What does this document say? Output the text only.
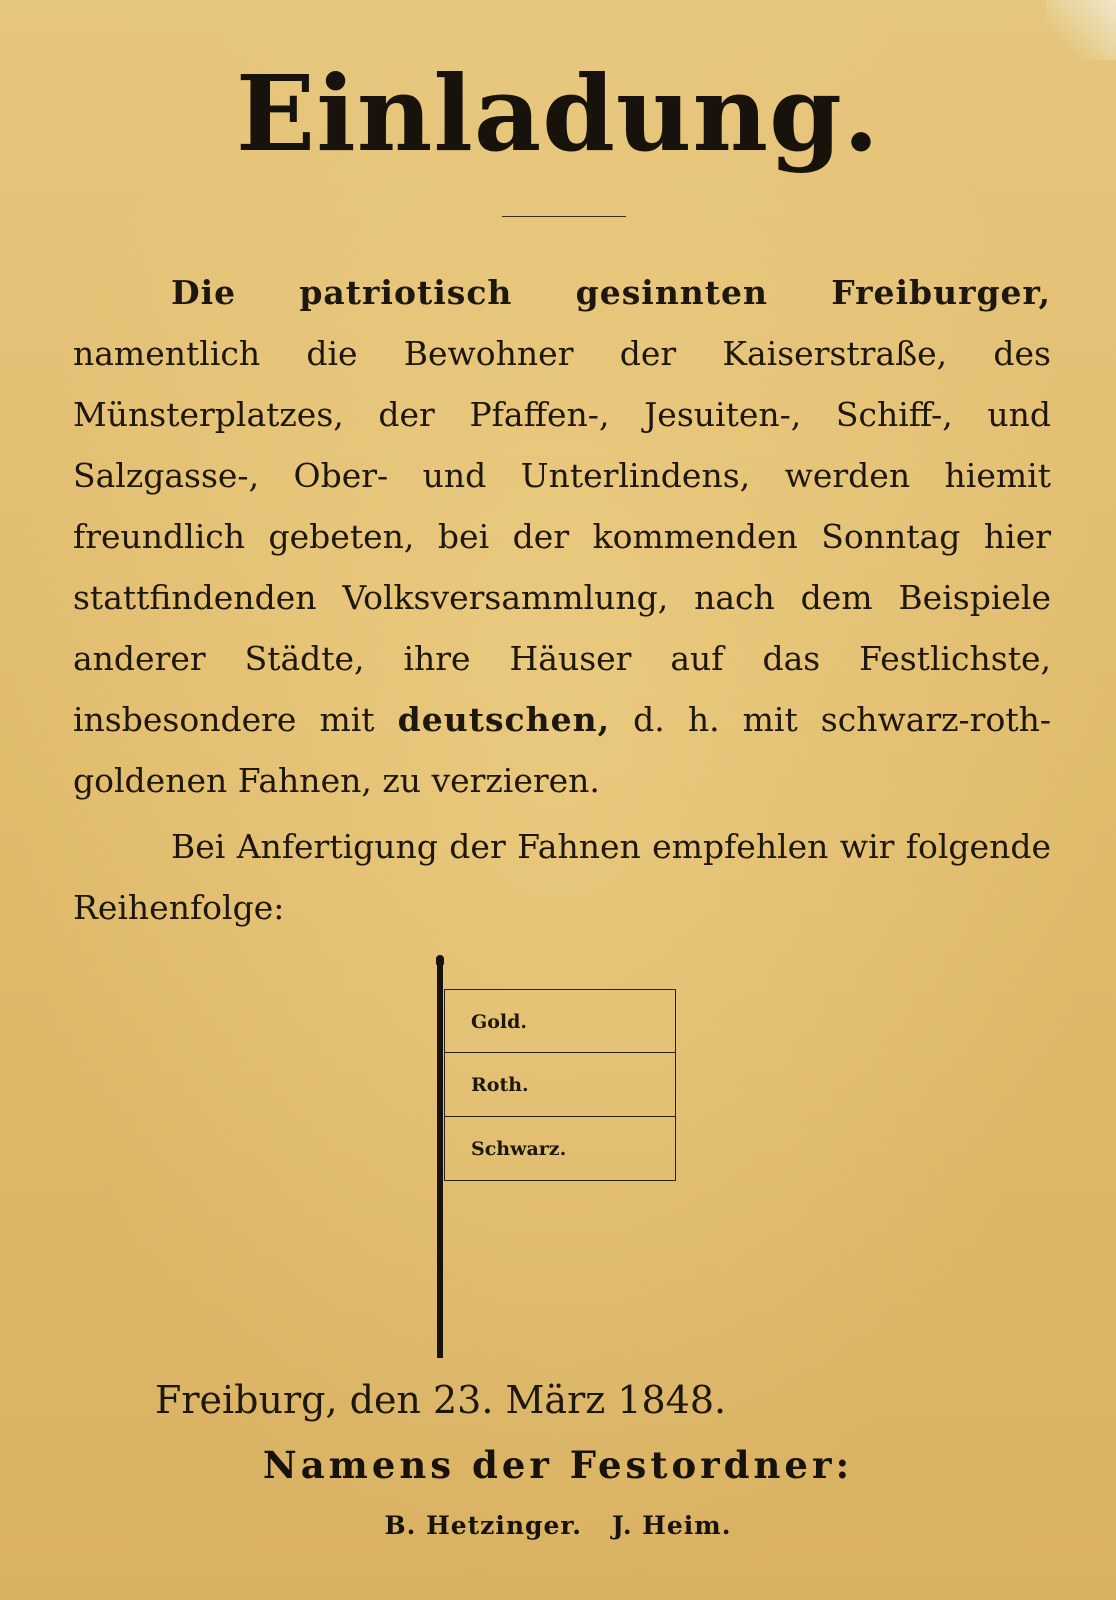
Einladung.
Die patriotisch gesinnten Freiburger, namentlich die Bewohner der Kaiserstraße, des Münsterplatzes, der Pfaffen-, Jesuiten-, Schiff-, und Salzgasse-, Ober- und Unterlindens, werden hiemit freundlich gebeten, bei der kommenden Sonntag hier stattfindenden Volksversammlung, nach dem Beispiele anderer Städte, ihre Häuser auf das Festlichste, insbesondere mit deutschen, d. h. mit schwarz-roth-goldenen Fahnen, zu verzieren.
Bei Anfertigung der Fahnen empfehlen wir folgende Reihenfolge:
Gold.
Roth.
Schwarz.
Freiburg, den 23. März 1848.
Namens der Festordner:
B. Hetzinger. J. Heim.
